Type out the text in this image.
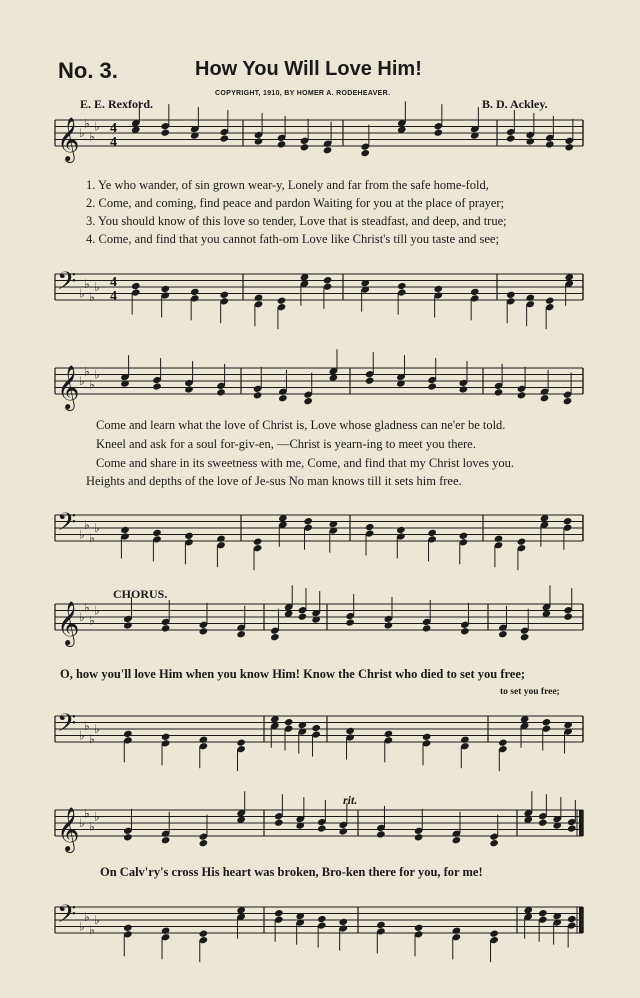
No. 3.	How You Will Love Him!
COPYRIGHT, 1910, BY HOMER A. RODEHEAVER.
E. E. Rexford.	B. D. Ackley.
𝄞 ♭
♭
♭
♭
𝄢 ♭
♭
♭
♭
4
4
4
4
𝄞 ♭
♭
♭
♭
𝄢 ♭
♭
♭
♭
𝄞 ♭
♭
♭
♭
𝄢 ♭
♭
♭
♭
𝄞 ♭
♭
♭
♭
𝄢 ♭
♭
♭
♭
1. Ye who wander, of sin grown wear-y, Lonely and far from the safe home-fold,
2. Come, and coming, find peace and pardon Waiting for you at the place of prayer;
3. You should know of this love so tender, Love that is steadfast, and deep, and true;
4. Come, and find that you cannot fath-om Love like Christ's till you taste and see;
Come and learn what the love of Christ is, Love whose gladness can ne'er be told.
Kneel and ask for a soul for-giv-en, —Christ is yearn-ing to meet you there.
Come and share in its sweetness with me, Come, and find that my Christ loves you.
Heights and depths of the love of Je-sus No man knows till it sets him free.
CHORUS.
O, how you'll love Him when you know Him! Know the Christ who died to set you free;
to set you free;
rit.
On Calv'ry's cross His heart was broken, Bro-ken there for you, for me!
